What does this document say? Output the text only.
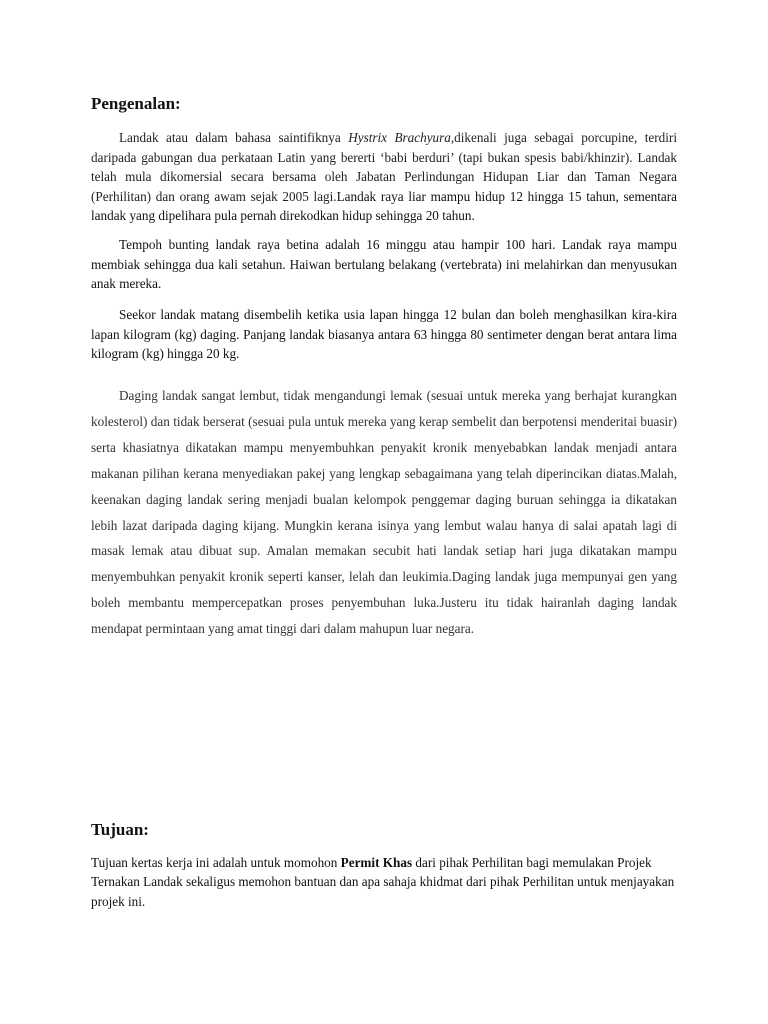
Pengenalan:

Landak atau dalam bahasa saintifiknya Hystrix Brachyura,dikenali juga sebagai porcupine, terdiri daripada gabungan dua perkataan Latin yang bererti ‘babi berduri’ (tapi bukan spesis babi/khinzir). Landak telah mula dikomersial secara bersama oleh Jabatan Perlindungan Hidupan Liar dan Taman Negara (Perhilitan) dan orang awam sejak 2005 lagi.Landak raya liar mampu hidup 12 hingga 15 tahun, sementara landak yang dipelihara pula pernah direkodkan hidup sehingga 20 tahun.

Tempoh bunting landak raya betina adalah 16 minggu atau hampir 100 hari. Landak raya mampu membiak sehingga dua kali setahun. Haiwan bertulang belakang (vertebrata) ini melahirkan dan menyusukan anak mereka.

Seekor landak matang disembelih ketika usia lapan hingga 12 bulan dan boleh menghasilkan kira-kira lapan kilogram (kg) daging. Panjang landak biasanya antara 63 hingga 80 sentimeter dengan berat antara lima kilogram (kg) hingga 20 kg.

Daging landak sangat lembut, tidak mengandungi lemak (sesuai untuk mereka yang berhajat kurangkan kolesterol) dan tidak berserat (sesuai pula untuk mereka yang kerap sembelit dan berpotensi menderitai buasir) serta khasiatnya dikatakan mampu menyembuhkan penyakit kronik menyebabkan landak menjadi antara makanan pilihan kerana menyediakan pakej yang lengkap sebagaimana yang telah diperincikan diatas.Malah, keenakan daging landak sering menjadi bualan kelompok penggemar daging buruan sehingga ia dikatakan lebih lazat daripada daging kijang. Mungkin kerana isinya yang lembut walau hanya di salai apatah lagi di masak lemak atau dibuat sup. Amalan memakan secubit hati landak setiap hari juga dikatakan mampu menyembuhkan penyakit kronik seperti kanser, lelah dan leukimia.Daging landak juga mempunyai gen yang boleh membantu mempercepatkan proses penyembuhan luka.Justeru itu tidak hairanlah daging landak mendapat permintaan yang amat tinggi dari dalam mahupun luar negara.

Tujuan:

Tujuan kertas kerja ini adalah untuk momohon Permit Khas dari pihak Perhilitan bagi memulakan Projek Ternakan Landak sekaligus memohon bantuan dan apa sahaja khidmat dari pihak Perhilitan untuk menjayakan projek ini.
